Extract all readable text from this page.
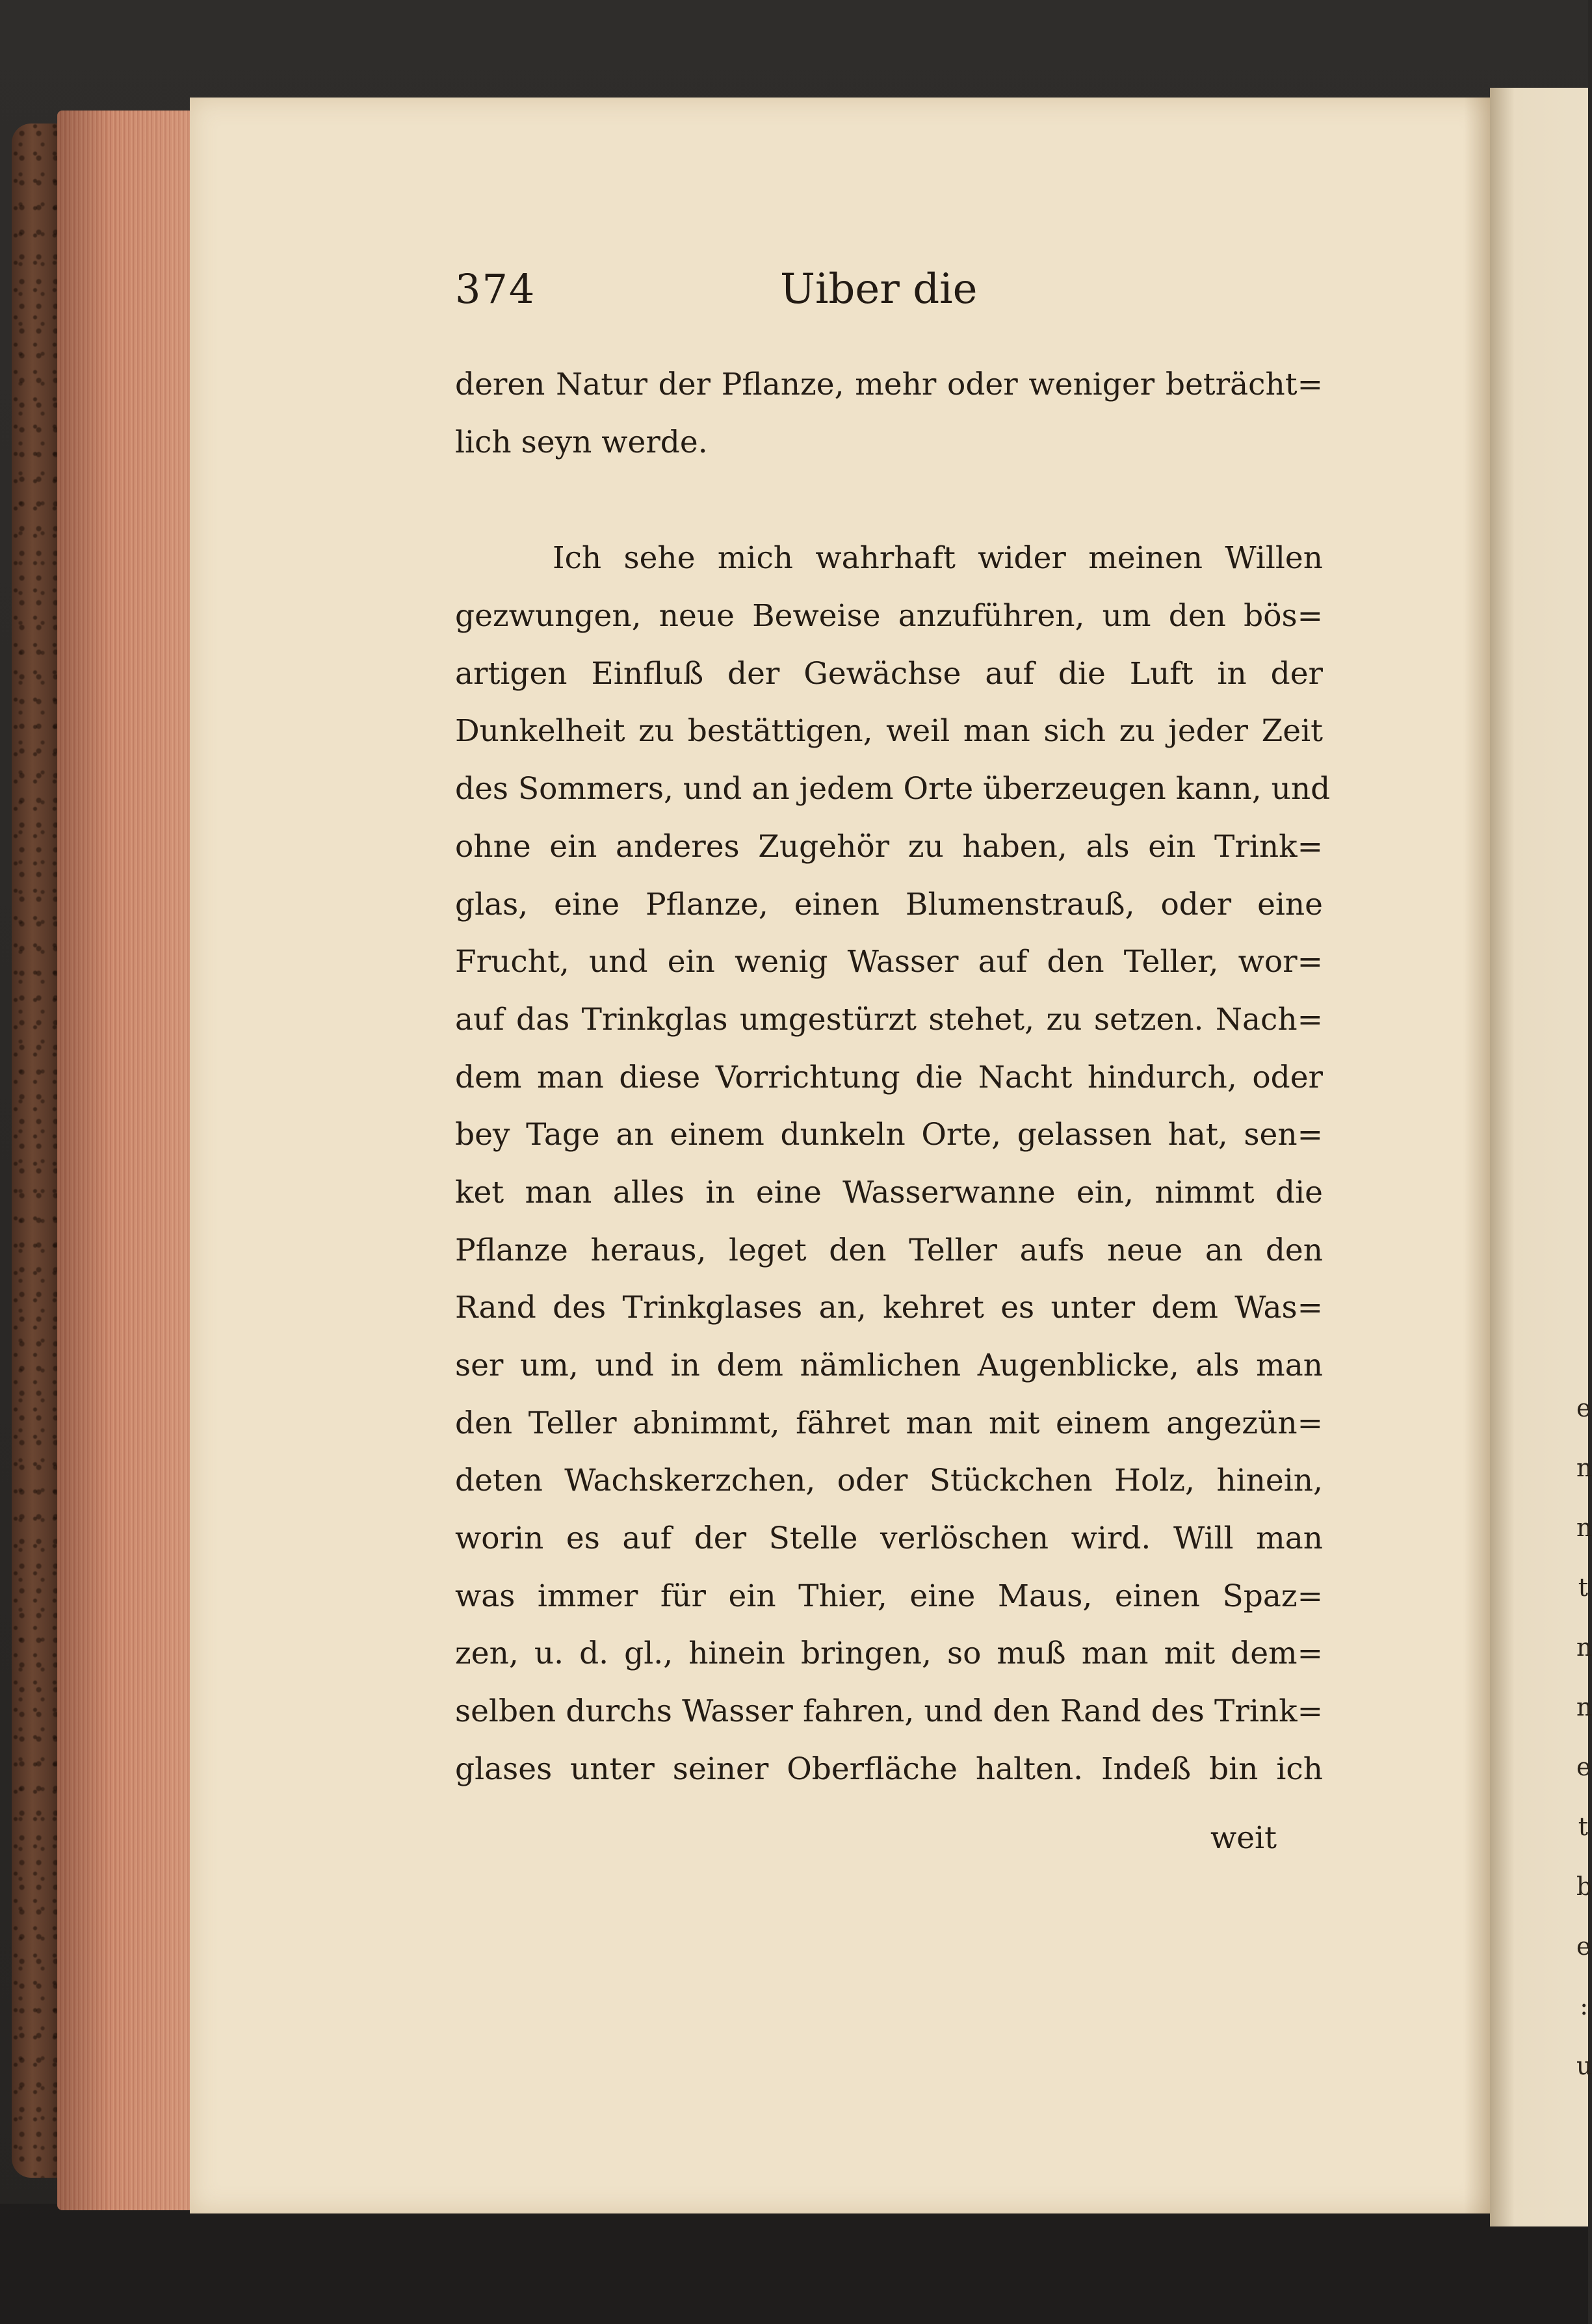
e
n
n
t
n
n
e
t
b
e
:
u
374	Uiber die
deren Natur der Pflanze, mehr oder weniger beträcht=
lich seyn werde.
Ich sehe mich wahrhaft wider meinen Willen
gezwungen, neue Beweise anzuführen, um den bös=
artigen Einfluß der Gewächse auf die Luft in der
Dunkelheit zu bestättigen, weil man sich zu jeder Zeit
des Sommers, und an jedem Orte überzeugen kann, und
ohne ein anderes Zugehör zu haben, als ein Trink=
glas, eine Pflanze, einen Blumenstrauß, oder eine
Frucht, und ein wenig Wasser auf den Teller, wor=
auf das Trinkglas umgestürzt stehet, zu setzen. Nach=
dem man diese Vorrichtung die Nacht hindurch, oder
bey Tage an einem dunkeln Orte, gelassen hat, sen=
ket man alles in eine Wasserwanne ein, nimmt die
Pflanze heraus, leget den Teller aufs neue an den
Rand des Trinkglases an, kehret es unter dem Was=
ser um, und in dem nämlichen Augenblicke, als man
den Teller abnimmt, fähret man mit einem angezün=
deten Wachskerzchen, oder Stückchen Holz, hinein,
worin es auf der Stelle verlöschen wird. Will man
was immer für ein Thier, eine Maus, einen Spaz=
zen, u. d. gl., hinein bringen, so muß man mit dem=
selben durchs Wasser fahren, und den Rand des Trink=
glases unter seiner Oberfläche halten. Indeß bin ich
weit
